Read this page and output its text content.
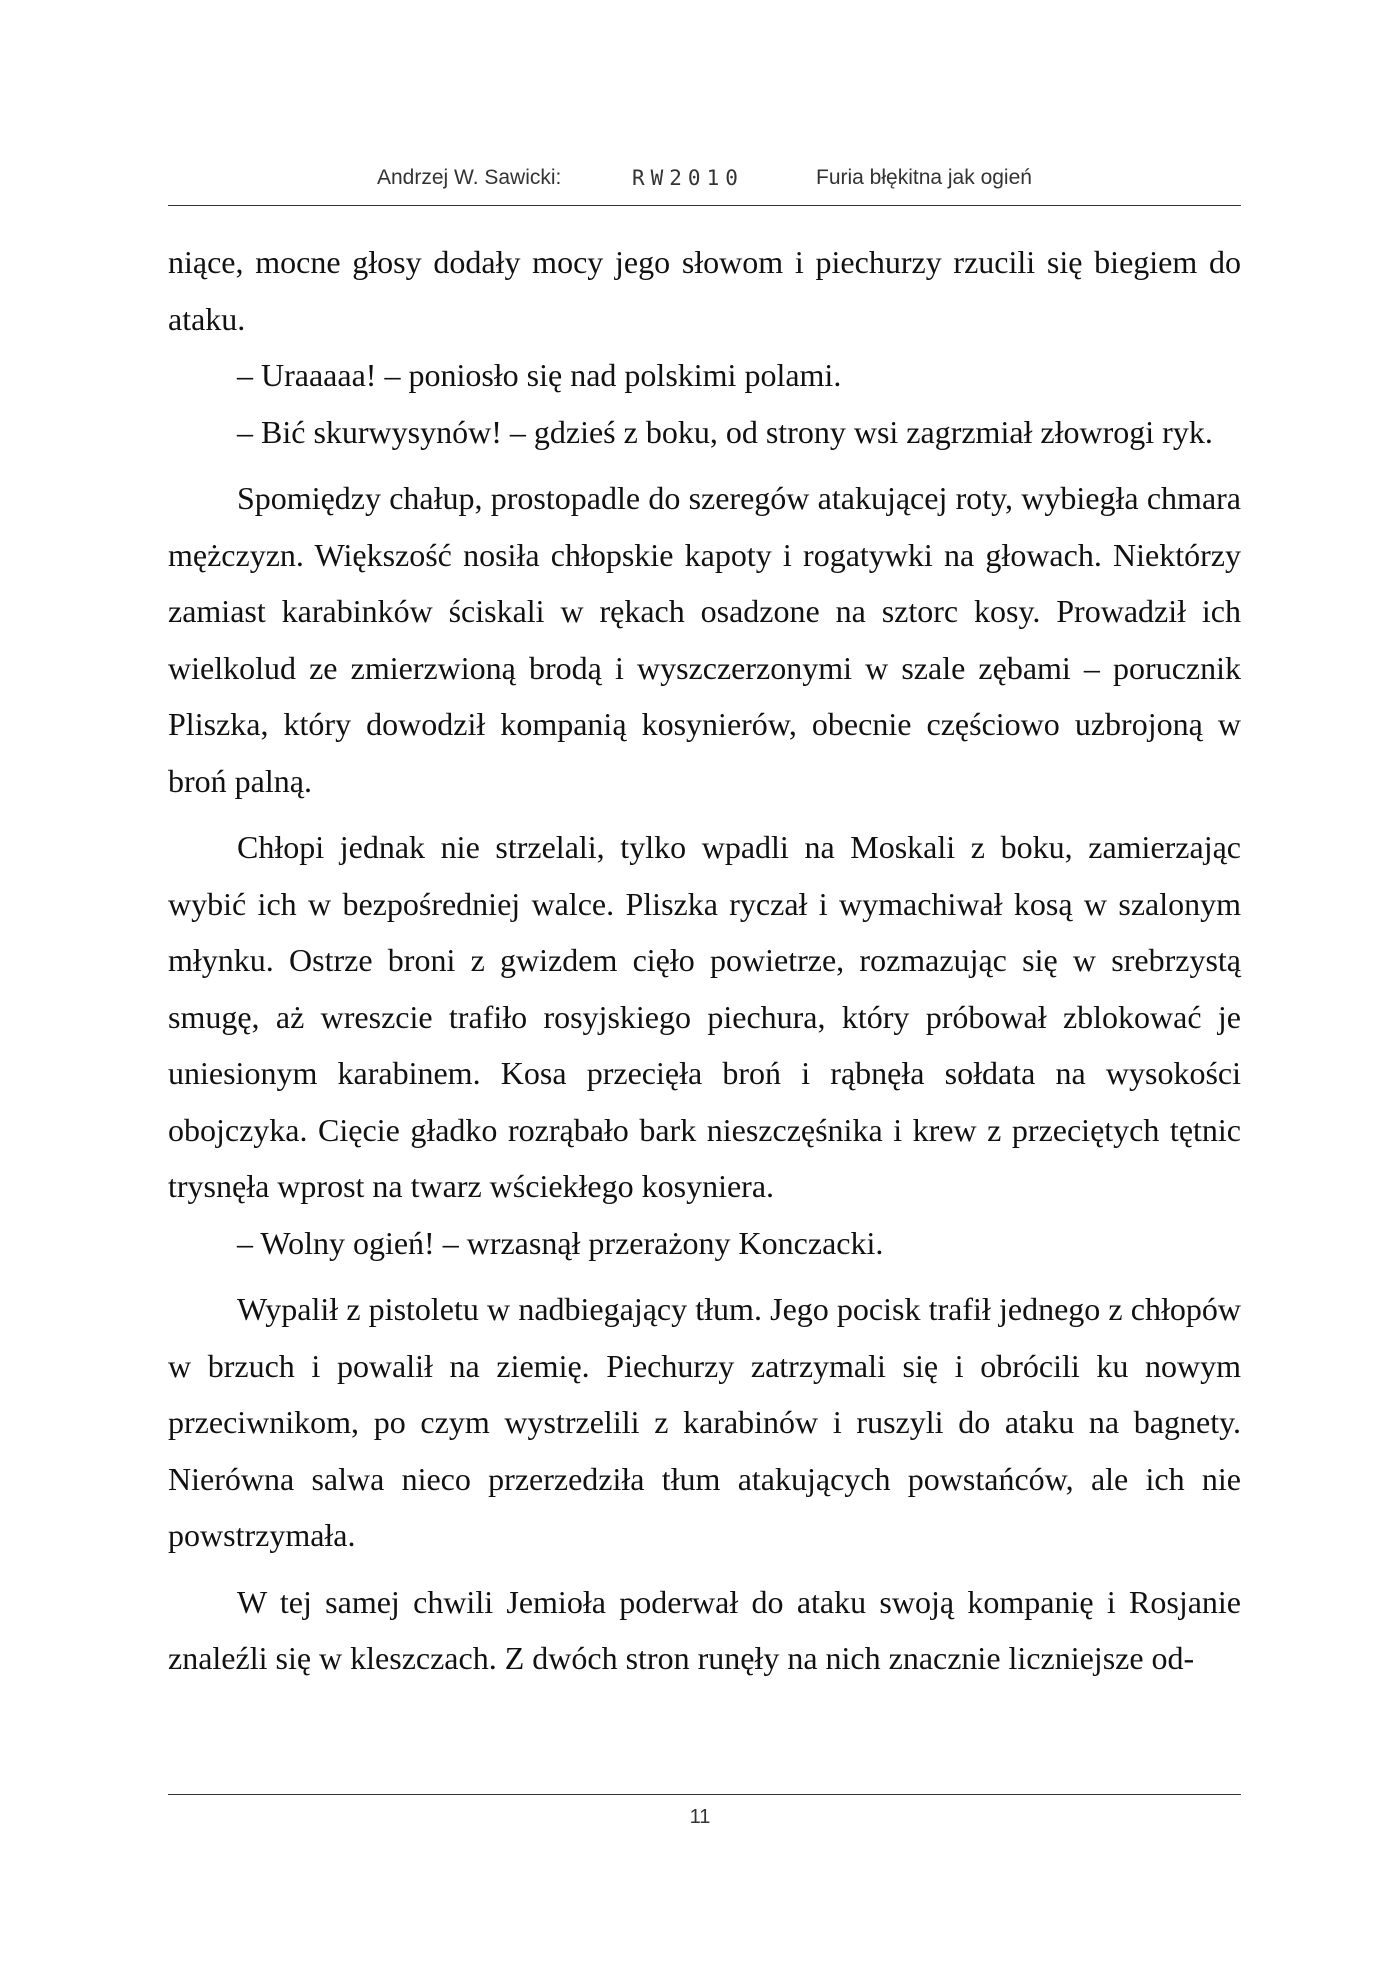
Andrzej W. Sawicki:	RW2010	Furia błękitna jak ogień

niące, mocne głosy dodały mocy jego słowom i piechurzy rzucili się biegiem do ataku.

– Uraaaaa! – poniosło się nad polskimi polami.

– Bić skurwysynów! – gdzieś z boku, od strony wsi zagrzmiał złowrogi ryk.

Spomiędzy chałup, prostopadle do szeregów atakującej roty, wybiegła chmara mężczyzn. Większość nosiła chłopskie kapoty i rogatywki na głowach. Niektórzy zamiast karabinków ściskali w rękach osadzone na sztorc kosy. Prowadził ich wielkolud ze zmierzwioną brodą i wyszczerzonymi w szale zębami – porucznik Pliszka, który dowodził kompanią kosynierów, obecnie częściowo uzbrojoną w broń palną.

Chłopi jednak nie strzelali, tylko wpadli na Moskali z boku, zamierzając wybić ich w bezpośredniej walce. Pliszka ryczał i wymachiwał kosą w szalonym młynku. Ostrze broni z gwizdem cięło powietrze, rozmazując się w srebrzystą smugę, aż wreszcie trafiło rosyjskiego piechura, który próbował zblokować je uniesionym karabinem. Kosa przecięła broń i rąbnęła sołdata na wysokości obojczyka. Cięcie gładko rozrąbało bark nieszczęśnika i krew z przeciętych tętnic trysnęła wprost na twarz wściekłego kosyniera.

– Wolny ogień! – wrzasnął przerażony Konczacki.

Wypalił z pistoletu w nadbiegający tłum. Jego pocisk trafił jednego z chłopów w brzuch i powalił na ziemię. Piechurzy zatrzymali się i obrócili ku nowym przeciwnikom, po czym wystrzelili z karabinów i ruszyli do ataku na bagnety. Nierówna salwa nieco przerzedziła tłum atakujących powstańców, ale ich nie powstrzymała.

W tej samej chwili Jemioła poderwał do ataku swoją kompanię i Rosjanie znaleźli się w kleszczach. Z dwóch stron runęły na nich znacznie liczniejsze od-

11
